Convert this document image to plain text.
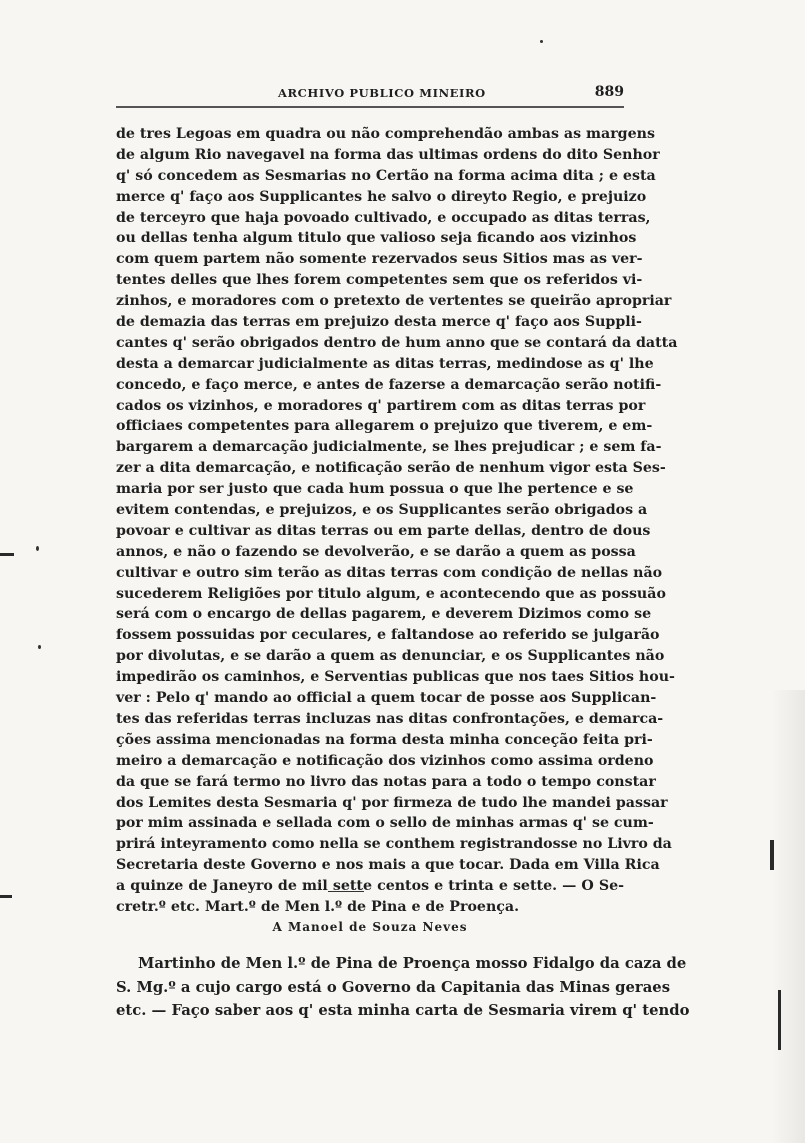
ARCHIVO PUBLICO MINEIRO	889
de tres Legoas em quadra ou não comprehendão ambas as margens
de algum Rio navegavel na forma das ultimas ordens do dito Senhor
q' só concedem as Sesmarias no Certão na forma acima dita ; e esta
merce q' faço aos Supplicantes he salvo o direyto Regio, e prejuizo
de terceyro que haja povoado cultivado, e occupado as ditas terras,
ou dellas tenha algum titulo que valioso seja ficando aos vizinhos
com quem partem não somente rezervados seus Sitios mas as ver-
tentes delles que lhes forem competentes sem que os referidos vi-
zinhos, e moradores com o pretexto de vertentes se queirão apropriar
de demazia das terras em prejuizo desta merce q' faço aos Suppli-
cantes q' serão obrigados dentro de hum anno que se contará da datta
desta a demarcar judicialmente as ditas terras, medindose as q' lhe
concedo, e faço merce, e antes de fazerse a demarcação serão notifi-
cados os vizinhos, e moradores q' partirem com as ditas terras por
officiaes competentes para allegarem o prejuizo que tiverem, e em-
bargarem a demarcação judicialmente, se lhes prejudicar ; e sem fa-
zer a dita demarcação, e notificação serão de nenhum vigor esta Ses-
maria por ser justo que cada hum possua o que lhe pertence e se
evitem contendas, e prejuizos, e os Supplicantes serão obrigados a
povoar e cultivar as ditas terras ou em parte dellas, dentro de dous
annos, e não o fazendo se devolverão, e se darão a quem as possa
cultivar e outro sim terão as ditas terras com condição de nellas não
sucederem Religiões por titulo algum, e acontecendo que as possuão
será com o encargo de dellas pagarem, e deverem Dizimos como se
fossem possuidas por ceculares, e faltandose ao referido se julgarão
por divolutas, e se darão a quem as denunciar, e os Supplicantes não
impedirão os caminhos, e Serventias publicas que nos taes Sitios hou-
ver : Pelo q' mando ao official a quem tocar de posse aos Supplican-
tes das referidas terras incluzas nas ditas confrontações, e demarca-
ções assima mencionadas na forma desta minha conceção feita pri-
meiro a demarcação e notificação dos vizinhos como assima ordeno
da que se fará termo no livro das notas para a todo o tempo constar
dos Lemites desta Sesmaria q' por firmeza de tudo lhe mandei passar
por mim assinada e sellada com o sello de minhas armas q' se cum-
prirá inteyramento como nella se conthem registrandosse no Livro da
Secretaria deste Governo e nos mais a que tocar. Dada em Villa Rica
a quinze de Janeyro de mil sette centos e trinta e sette. — O Se-
cretr.º etc. Mart.º de Men l.º de Pina e de Proença.
A Manoel de Souza Neves
Martinho de Men l.º de Pina de Proença mosso Fidalgo da caza de
S. Mg.º a cujo cargo está o Governo da Capitania das Minas geraes
etc. — Faço saber aos q' esta minha carta de Sesmaria virem q' tendo
